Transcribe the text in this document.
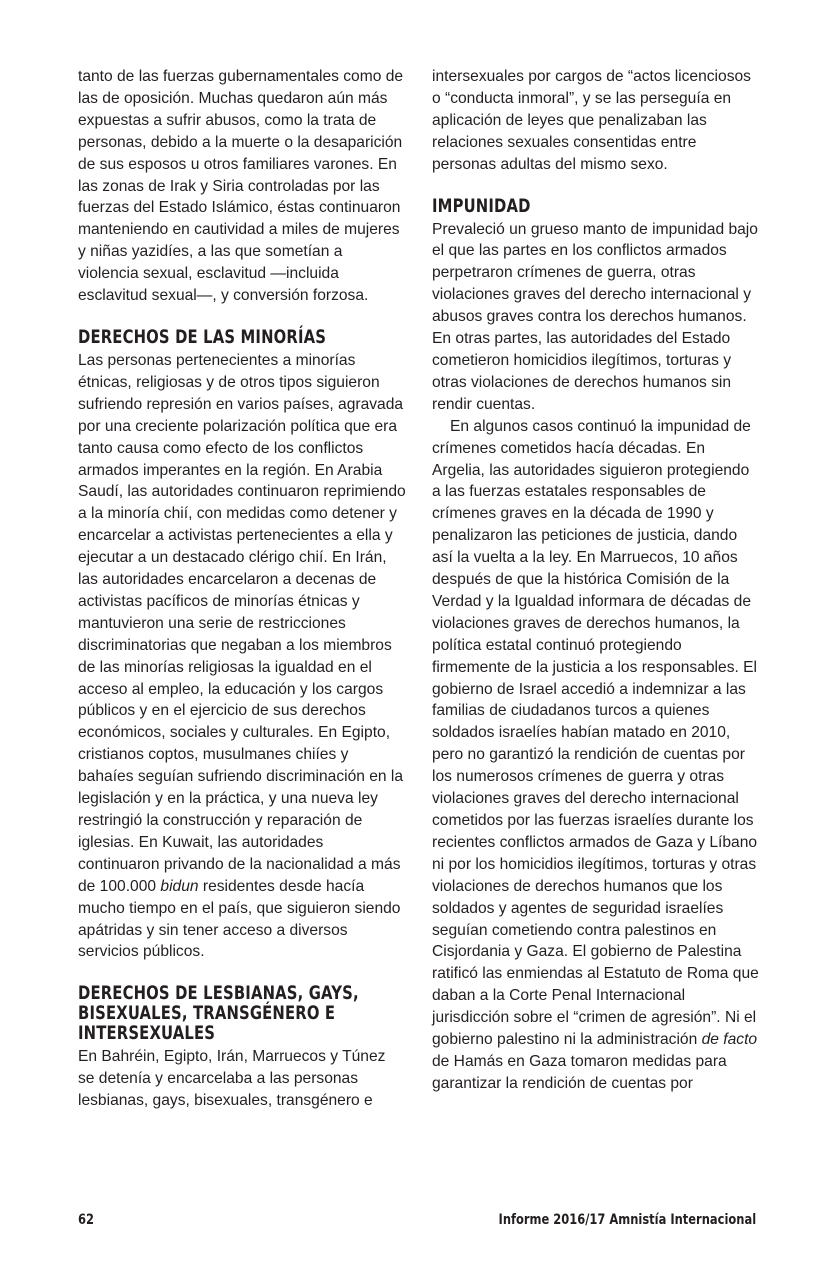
tanto de las fuerzas gubernamentales como de las de oposición. Muchas quedaron aún más expuestas a sufrir abusos, como la trata de personas, debido a la muerte o la desaparición de sus esposos u otros familiares varones. En las zonas de Irak y Siria controladas por las fuerzas del Estado Islámico, éstas continuaron manteniendo en cautividad a miles de mujeres y niñas yazidíes, a las que sometían a violencia sexual, esclavitud —incluida esclavitud sexual—, y conversión forzosa.

DERECHOS DE LAS MINORÍAS

Las personas pertenecientes a minorías étnicas, religiosas y de otros tipos siguieron sufriendo represión en varios países, agravada por una creciente polarización política que era tanto causa como efecto de los conflictos armados imperantes en la región. En Arabia Saudí, las autoridades continuaron reprimiendo a la minoría chií, con medidas como detener y encarcelar a activistas pertenecientes a ella y ejecutar a un destacado clérigo chií. En Irán, las autoridades encarcelaron a decenas de activistas pacíficos de minorías étnicas y mantuvieron una serie de restricciones discriminatorias que negaban a los miembros de las minorías religiosas la igualdad en el acceso al empleo, la educación y los cargos públicos y en el ejercicio de sus derechos económicos, sociales y culturales. En Egipto, cristianos coptos, musulmanes chiíes y bahaíes seguían sufriendo discriminación en la legislación y en la práctica, y una nueva ley restringió la construcción y reparación de iglesias. En Kuwait, las autoridades continuaron privando de la nacionalidad a más de 100.000 bidun residentes desde hacía mucho tiempo en el país, que siguieron siendo apátridas y sin tener acceso a diversos servicios públicos.

DERECHOS DE LESBIANAS, GAYS, BISEXUALES, TRANSGÉNERO E INTERSEXUALES

En Bahréin, Egipto, Irán, Marruecos y Túnez se detenía y encarcelaba a las personas lesbianas, gays, bisexuales, transgénero e

intersexuales por cargos de “actos licenciosos o “conducta inmoral”, y se las perseguía en aplicación de leyes que penalizaban las relaciones sexuales consentidas entre personas adultas del mismo sexo.

IMPUNIDAD

Prevaleció un grueso manto de impunidad bajo el que las partes en los conflictos armados perpetraron crímenes de guerra, otras violaciones graves del derecho internacional y abusos graves contra los derechos humanos. En otras partes, las autoridades del Estado cometieron homicidios ilegítimos, torturas y otras violaciones de derechos humanos sin rendir cuentas.

En algunos casos continuó la impunidad de crímenes cometidos hacía décadas. En Argelia, las autoridades siguieron protegiendo a las fuerzas estatales responsables de crímenes graves en la década de 1990 y penalizaron las peticiones de justicia, dando así la vuelta a la ley. En Marruecos, 10 años después de que la histórica Comisión de la Verdad y la Igualdad informara de décadas de violaciones graves de derechos humanos, la política estatal continuó protegiendo firmemente de la justicia a los responsables. El gobierno de Israel accedió a indemnizar a las familias de ciudadanos turcos a quienes soldados israelíes habían matado en 2010, pero no garantizó la rendición de cuentas por los numerosos crímenes de guerra y otras violaciones graves del derecho internacional cometidos por las fuerzas israelíes durante los recientes conflictos armados de Gaza y Líbano ni por los homicidios ilegítimos, torturas y otras violaciones de derechos humanos que los soldados y agentes de seguridad israelíes seguían cometiendo contra palestinos en Cisjordania y Gaza. El gobierno de Palestina ratificó las enmiendas al Estatuto de Roma que daban a la Corte Penal Internacional jurisdicción sobre el “crimen de agresión”. Ni el gobierno palestino ni la administración de facto de Hamás en Gaza tomaron medidas para garantizar la rendición de cuentas por

62	Informe 2016/17 Amnistía Internacional
